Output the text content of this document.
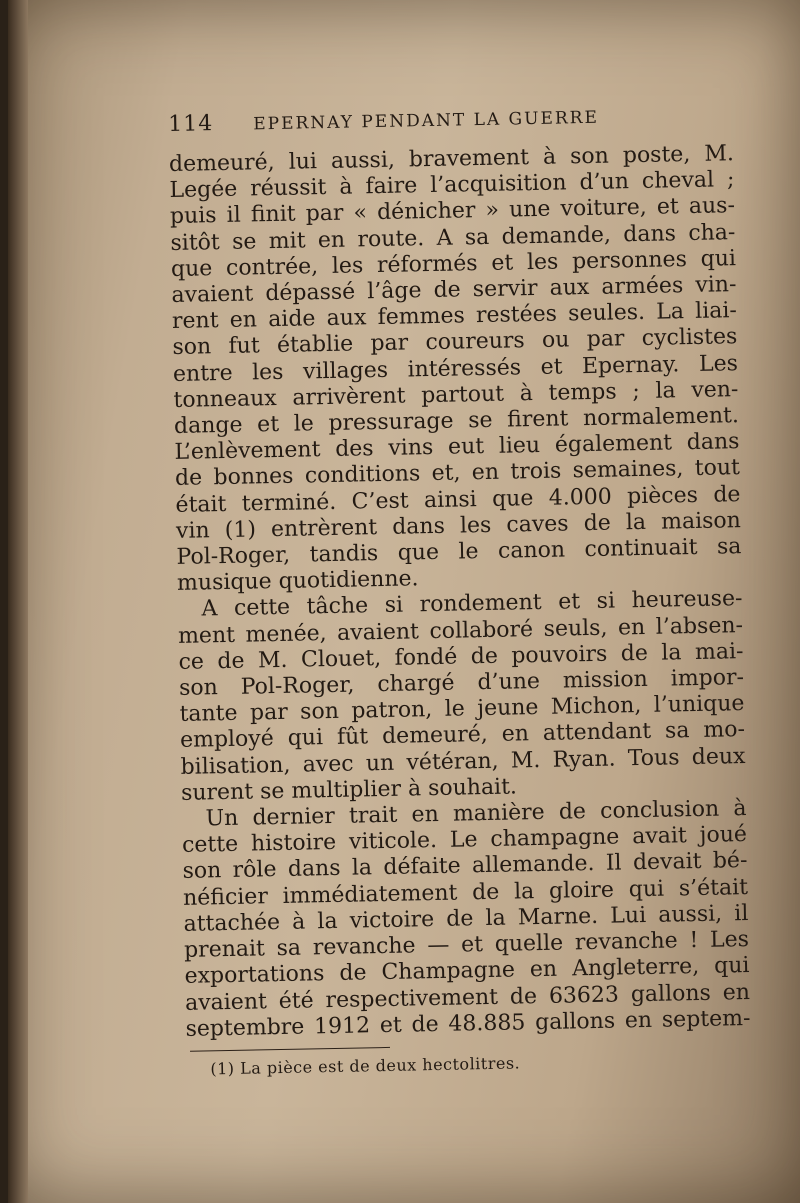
114 EPERNAY PENDANT LA GUERRE
demeuré, lui aussi, bravement à son poste, M.
Legée réussit à faire l’acquisition d’un cheval ;
puis il finit par « dénicher » une voiture, et aus-
sitôt se mit en route. A sa demande, dans cha-
que contrée, les réformés et les personnes qui
avaient dépassé l’âge de servir aux armées vin-
rent en aide aux femmes restées seules. La liai-
son fut établie par coureurs ou par cyclistes
entre les villages intéressés et Epernay. Les
tonneaux arrivèrent partout à temps ; la ven-
dange et le pressurage se firent normalement.
L’enlèvement des vins eut lieu également dans
de bonnes conditions et, en trois semaines, tout
était terminé. C’est ainsi que 4.000 pièces de
vin (1) entrèrent dans les caves de la maison
Pol-Roger, tandis que le canon continuait sa
musique quotidienne.
A cette tâche si rondement et si heureuse-
ment menée, avaient collaboré seuls, en l’absen-
ce de M. Clouet, fondé de pouvoirs de la mai-
son Pol-Roger, chargé d’une mission impor-
tante par son patron, le jeune Michon, l’unique
employé qui fût demeuré, en attendant sa mo-
bilisation, avec un vétéran, M. Ryan. Tous deux
surent se multiplier à souhait.
Un dernier trait en manière de conclusion à
cette histoire viticole. Le champagne avait joué
son rôle dans la défaite allemande. Il devait bé-
néficier immédiatement de la gloire qui s’était
attachée à la victoire de la Marne. Lui aussi, il
prenait sa revanche — et quelle revanche ! Les
exportations de Champagne en Angleterre, qui
avaient été respectivement de 63623 gallons en
septembre 1912 et de 48.885 gallons en septem-
(1) La pièce est de deux hectolitres.
